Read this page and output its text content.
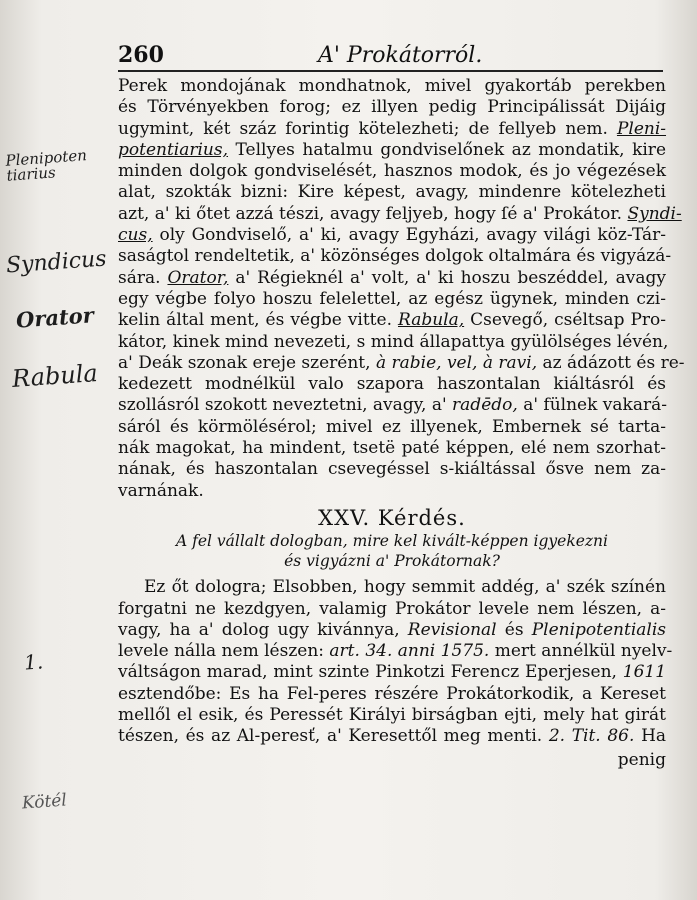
260	A' Prokátorról.
Plenipoten tiarius
Syndicus
Orator
Rabula
1.
Kötél
Perek mondojának mondhatnok, mivel gyakortáb perekben
és Törvényekben forog; ez illyen pedig Principálissát Dijáig
ugymint, két száz forintig kötelezheti; de fellyeb nem. Pleni-
potentiarius, Tellyes hatalmu gondviselőnek az mondatik, kire
minden dolgok gondviselését, hasznos modok, és jo végezések
alat, szokták bizni: Kire képest, avagy, mindenre kötelezheti
azt, a' ki őtet azzá tészi, avagy feljyeb, hogy ſé a' Prokátor. Syndi-
cus, oly Gondviselő, a' ki, avagy Egyházi, avagy világi köz-Tár-
saságtol rendeltetik, a' közönséges dolgok oltalmára és vigyázá-
sára. Orator, a' Régieknél a' volt, a' ki hoszu beszéddel, avagy
egy végbe folyo hoszu felelettel, az egész ügynek, minden czi-
kelin által ment, és végbe vitte. Rabula, Csevegő, cséltsap Pro-
kátor, kinek mind nevezeti, s mind állapattya gyülölséges lévén,
a' Deák szonak ereje szerént, à rabie, vel, à ravi, az ádázott és re-
kedezett modnélkül valo szapora haszontalan kiáltásról és
szollásról szokott neveztetni, avagy, a' radēdo, a' fülnek vakará-
sáról és körmölésérol; mivel ez illyenek, Embernek sé tarta-
nák magokat, ha mindent, tsetë paté képpen, elé nem szorhat-
nának, és haszontalan csevegéssel s-kiáltással ősve nem za-
varnának.
XXV. Kérdés.
A fel vállalt dologban, mire kel kivált-képpen igyekezni
és vigyázni a' Prokátornak?
Ez őt dologra; Elsobben, hogy semmit addég, a' szék színén
forgatni ne kezdgyen, valamig Prokátor levele nem lészen, a-
vagy, ha a' dolog ugy kivánnya, Revisional és Plenipotentialis
levele nálla nem lészen: art. 34. anni 1575. mert annélkül nyelv-
váltságon marad, mint szinte Pinkotzi Ferencz Eperjesen, 1611
esztendőbe: Es ha Fel-peres részére Prokátorkodik, a Kereset
mellől el esik, és Peressét Királyi birságban ejti, mely hat girát
tészen, és az Al-peresť, a' Keresettől meg menti. 2. Tit. 86. Ha
penig
